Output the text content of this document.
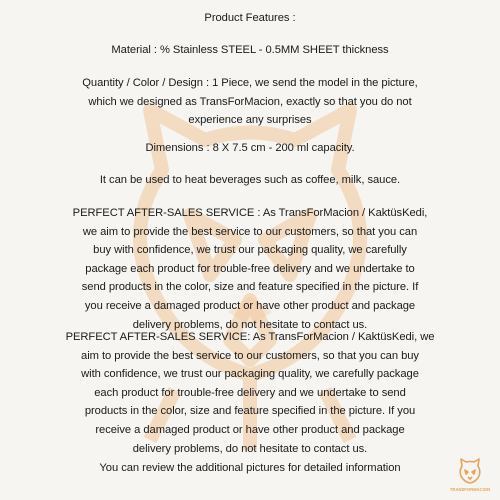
Product Features :

Material : % Stainless STEEL - 0.5MM SHEET thickness

Quantity / Color / Design : 1 Piece, we send the model in the picture,
which we designed as TransForMacion, exactly so that you do not
experience any surprises

Dimensions : 8 X 7.5 cm - 200 ml capacity.

It can be used to heat beverages such as coffee, milk, sauce.

PERFECT AFTER-SALES SERVICE : As TransForMacion / KaktüsKedi,
we aim to provide the best service to our customers, so that you can
buy with confidence, we trust our packaging quality, we carefully
package each product for trouble-free delivery and we undertake to
send products in the color, size and feature specified in the picture. If
you receive a damaged product or have other product and package
delivery problems, do not hesitate to contact us.

PERFECT AFTER-SALES SERVICE: As TransForMacion / KaktüsKedi, we
aim to provide the best service to our customers, so that you can buy
with confidence, we trust our packaging quality, we carefully package
each product for trouble-free delivery and we undertake to send
products in the color, size and feature specified in the picture. If you
receive a damaged product or have other product and package
delivery problems, do not hesitate to contact us.

You can review the additional pictures for detailed information

TRANSFORMACION
